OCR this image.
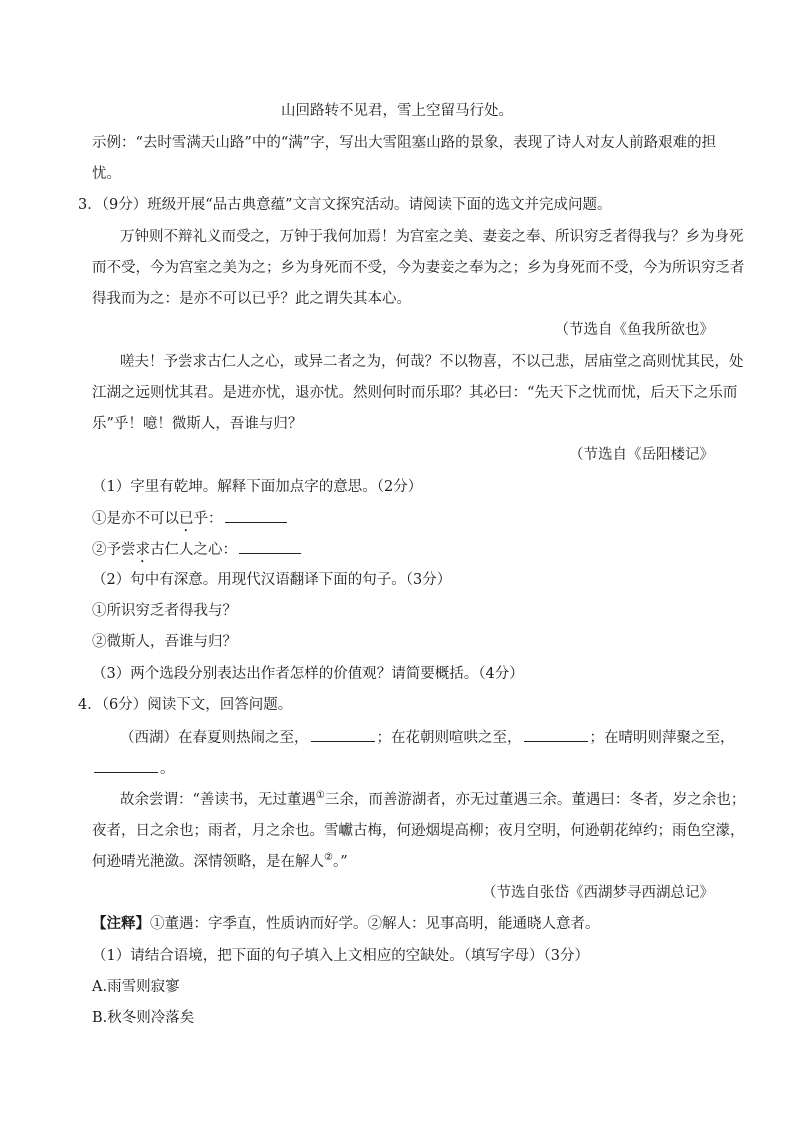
山回路转不见君，雪上空留马行处。
示例：“去时雪满天山路”中的“满”字，写出大雪阻塞山路的景象，表现了诗人对友人前路艰难的担
忧。
3．（9分）班级开展“品古典意蕴”文言文探究活动。请阅读下面的选文并完成问题。
万钟则不辩礼义而受之，万钟于我何加焉！为宫室之美、妻妾之奉、所识穷乏者得我与？乡为身死
而不受，今为宫室之美为之；乡为身死而不受，今为妻妾之奉为之；乡为身死而不受，今为所识穷乏者
得我而为之：是亦不可以已乎？此之谓失其本心。
（节选自《鱼我所欲也》
嗟夫！予尝求古仁人之心，或异二者之为，何哉？不以物喜，不以己悲，居庙堂之高则忧其民，处
江湖之远则忧其君。是进亦忧，退亦忧。然则何时而乐耶？其必曰：“先天下之忧而忧，后天下之乐而
乐”乎！噫！微斯人，吾谁与归？
（节选自《岳阳楼记》
（1）字里有乾坤。解释下面加点字的意思。（2分）
①是亦不可以已乎：
②予尝求古仁人之心：
（2）句中有深意。用现代汉语翻译下面的句子。（3分）
①所识穷乏者得我与？
②微斯人，吾谁与归？
（3）两个选段分别表达出作者怎样的价值观？请简要概括。（4分）
4．（6分）阅读下文，回答问题。
（西湖）在春夏则热闹之至，	；在花朝则喧哄之至，	；在晴明则萍聚之至，
。
故余尝谓：“善读书，无过董遇①三余，而善游湖者，亦无过董遇三余。董遇曰：冬者，岁之余也；
夜者，日之余也；雨者，月之余也。雪巘古梅，何逊烟堤高柳；夜月空明，何逊朝花绰约；雨色空濛，
何逊晴光滟潋。深情领略，是在解人②。”
（节选自张岱《西湖梦寻西湖总记》
【注释】①董遇：字季直，性质讷而好学。②解人：见事高明，能通晓人意者。
（1）请结合语境，把下面的句子填入上文相应的空缺处。（填写字母）（3分）
A.雨雪则寂寥
B.秋冬则冷落矣
